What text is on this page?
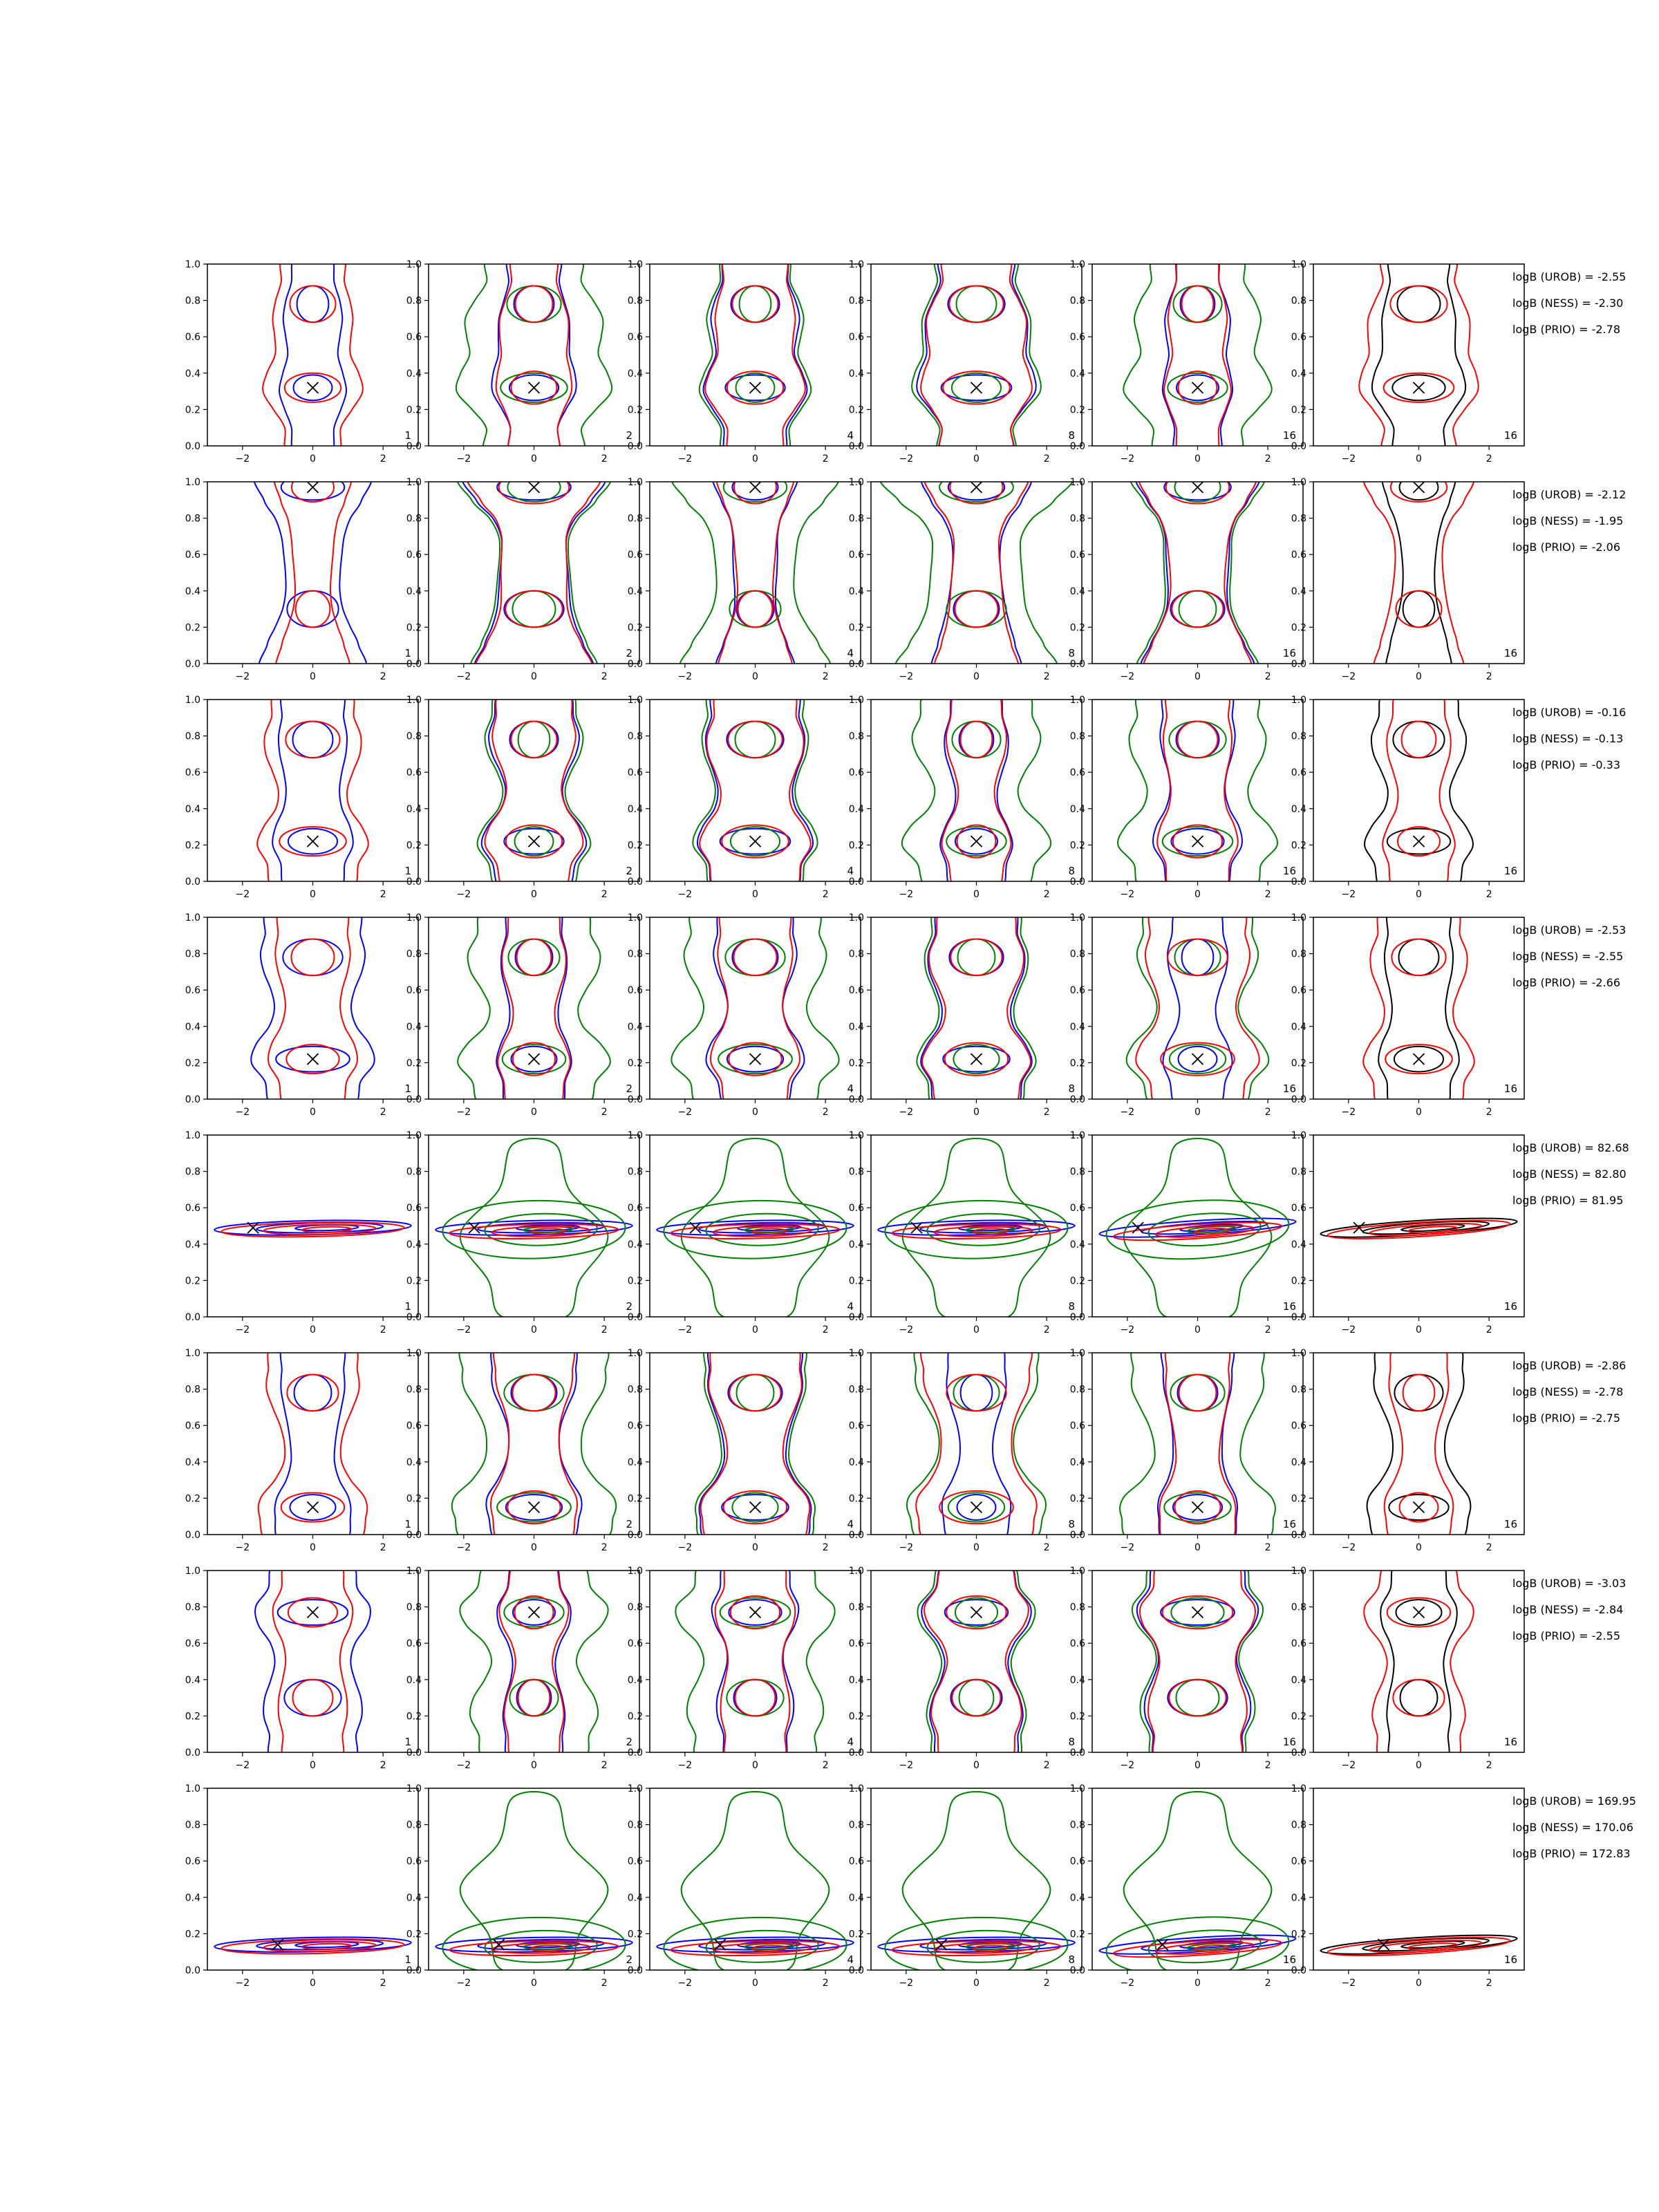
−2	0	2
0.0
0.2
0.4
0.6
0.8
1.0
1
−2	0	2
0.0
0.2
0.4
0.6
0.8
1.0
2
−2	0	2
0.0
0.2
0.4
0.6
0.8
1.0
4
−2	0	2
0.0
0.2
0.4
0.6
0.8
1.0
8
−2	0	2
0.0
0.2
0.4
0.6
0.8
1.0
16
−2	0	2
0.0
0.2
0.4
0.6
0.8
1.0
16
logB (UROB) = -2.55
logB (NESS) = -2.30
logB (PRIO) = -2.78
−2	0	2
0.0
0.2
0.4
0.6
0.8
1.0
1
−2	0	2
0.0
0.2
0.4
0.6
0.8
1.0
2
−2	0	2
0.0
0.2
0.4
0.6
0.8
1.0
4
−2	0	2
0.0
0.2
0.4
0.6
0.8
1.0
8
−2	0	2
0.0
0.2
0.4
0.6
0.8
1.0
16
−2	0	2
0.0
0.2
0.4
0.6
0.8
1.0
16
logB (UROB) = -2.12
logB (NESS) = -1.95
logB (PRIO) = -2.06
−2	0	2
0.0
0.2
0.4
0.6
0.8
1.0
1
−2	0	2
0.0
0.2
0.4
0.6
0.8
1.0
2
−2	0	2
0.0
0.2
0.4
0.6
0.8
1.0
4
−2	0	2
0.0
0.2
0.4
0.6
0.8
1.0
8
−2	0	2
0.0
0.2
0.4
0.6
0.8
1.0
16
−2	0	2
0.0
0.2
0.4
0.6
0.8
1.0
16
logB (UROB) = -0.16
logB (NESS) = -0.13
logB (PRIO) = -0.33
−2	0	2
0.0
0.2
0.4
0.6
0.8
1.0
1
−2	0	2
0.0
0.2
0.4
0.6
0.8
1.0
2
−2	0	2
0.0
0.2
0.4
0.6
0.8
1.0
4
−2	0	2
0.0
0.2
0.4
0.6
0.8
1.0
8
−2	0	2
0.0
0.2
0.4
0.6
0.8
1.0
16
−2	0	2
0.0
0.2
0.4
0.6
0.8
1.0
16
logB (UROB) = -2.53
logB (NESS) = -2.55
logB (PRIO) = -2.66
−2	0	2
0.0
0.2
0.4
0.6
0.8
1.0
1
−2	0	2
0.0
0.2
0.4
0.6
0.8
1.0
2
−2	0	2
0.0
0.2
0.4
0.6
0.8
1.0
4
−2	0	2
0.0
0.2
0.4
0.6
0.8
1.0
8
−2	0	2
0.0
0.2
0.4
0.6
0.8
1.0
16
−2	0	2
0.0
0.2
0.4
0.6
0.8
1.0
16
logB (UROB) = 82.68
logB (NESS) = 82.80
logB (PRIO) = 81.95
−2	0	2
0.0
0.2
0.4
0.6
0.8
1.0
1
−2	0	2
0.0
0.2
0.4
0.6
0.8
1.0
2
−2	0	2
0.0
0.2
0.4
0.6
0.8
1.0
4
−2	0	2
0.0
0.2
0.4
0.6
0.8
1.0
8
−2	0	2
0.0
0.2
0.4
0.6
0.8
1.0
16
−2	0	2
0.0
0.2
0.4
0.6
0.8
1.0
16
logB (UROB) = -2.86
logB (NESS) = -2.78
logB (PRIO) = -2.75
−2	0	2
0.0
0.2
0.4
0.6
0.8
1.0
1
−2	0	2
0.0
0.2
0.4
0.6
0.8
1.0
2
−2	0	2
0.0
0.2
0.4
0.6
0.8
1.0
4
−2	0	2
0.0
0.2
0.4
0.6
0.8
1.0
8
−2	0	2
0.0
0.2
0.4
0.6
0.8
1.0
16
−2	0	2
0.0
0.2
0.4
0.6
0.8
1.0
16
logB (UROB) = -3.03
logB (NESS) = -2.84
logB (PRIO) = -2.55
−2	0	2
0.0
0.2
0.4
0.6
0.8
1.0
1
−2	0	2
0.0
0.2
0.4
0.6
0.8
1.0
2
−2	0	2
0.0
0.2
0.4
0.6
0.8
1.0
4
−2	0	2
0.0
0.2
0.4
0.6
0.8
1.0
8
−2	0	2
0.0
0.2
0.4
0.6
0.8
1.0
16
−2	0	2
0.0
0.2
0.4
0.6
0.8
1.0
16
logB (UROB) = 169.95
logB (NESS) = 170.06
logB (PRIO) = 172.83
